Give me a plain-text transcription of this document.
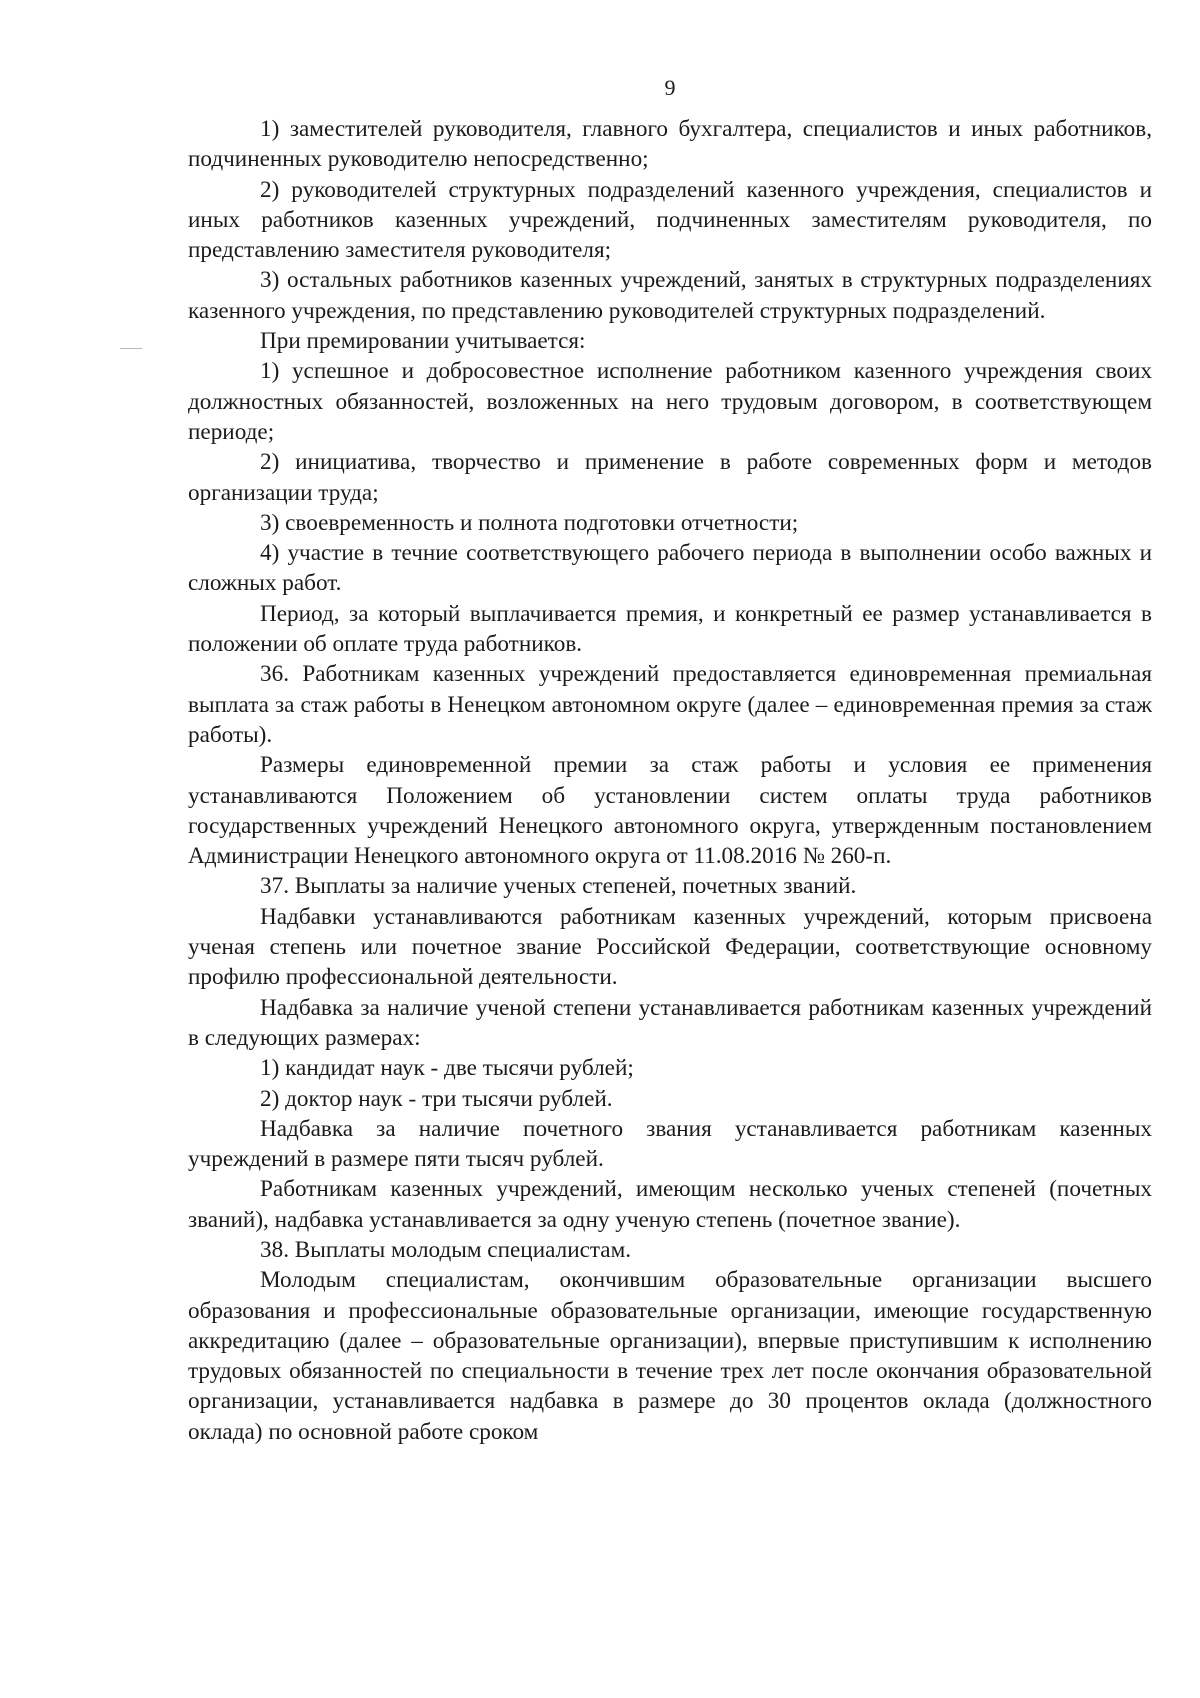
9

1) заместителей руководителя, главного бухгалтера, специалистов и иных работников, подчиненных руководителю непосредственно;

2) руководителей структурных подразделений казенного учреждения, специалистов и иных работников казенных учреждений, подчиненных заместителям руководителя, по представлению заместителя руководителя;

3) остальных работников казенных учреждений, занятых в структурных подразделениях казенного учреждения, по представлению руководителей структурных подразделений.

При премировании учитывается:

1) успешное и добросовестное исполнение работником казенного учреждения своих должностных обязанностей, возложенных на него трудовым договором, в соответствующем периоде;

2) инициатива, творчество и применение в работе современных форм и методов организации труда;

3) своевременность и полнота подготовки отчетности;

4) участие в течние соответствующего рабочего периода в выполнении особо важных и сложных работ.

Период, за который выплачивается премия, и конкретный ее размер устанавливается в положении об оплате труда работников.

36. Работникам казенных учреждений предоставляется единовременная премиальная выплата за стаж работы в Ненецком автономном округе (далее – единовременная премия за стаж работы).

Размеры единовременной премии за стаж работы и условия ее применения устанавливаются Положением об установлении систем оплаты труда работников государственных учреждений Ненецкого автономного округа, утвержденным постановлением Администрации Ненецкого автономного округа от 11.08.2016 № 260-п.

37. Выплаты за наличие ученых степеней, почетных званий.

Надбавки устанавливаются работникам казенных учреждений, которым присвоена ученая степень или почетное звание Российской Федерации, соответствующие основному профилю профессиональной деятельности.

Надбавка за наличие ученой степени устанавливается работникам казенных учреждений в следующих размерах:

1) кандидат наук - две тысячи рублей;

2) доктор наук - три тысячи рублей.

Надбавка за наличие почетного звания устанавливается работникам казенных учреждений в размере пяти тысяч рублей.

Работникам казенных учреждений, имеющим несколько ученых степеней (почетных званий), надбавка устанавливается за одну ученую степень (почетное звание).

38. Выплаты молодым специалистам.

Молодым специалистам, окончившим образовательные организации высшего образования и профессиональные образовательные организации, имеющие государственную аккредитацию (далее – образовательные организации), впервые приступившим к исполнению трудовых обязанностей по специальности в течение трех лет после окончания образовательной организации, устанавливается надбавка в размере до 30 процентов оклада (должностного оклада) по основной работе сроком
